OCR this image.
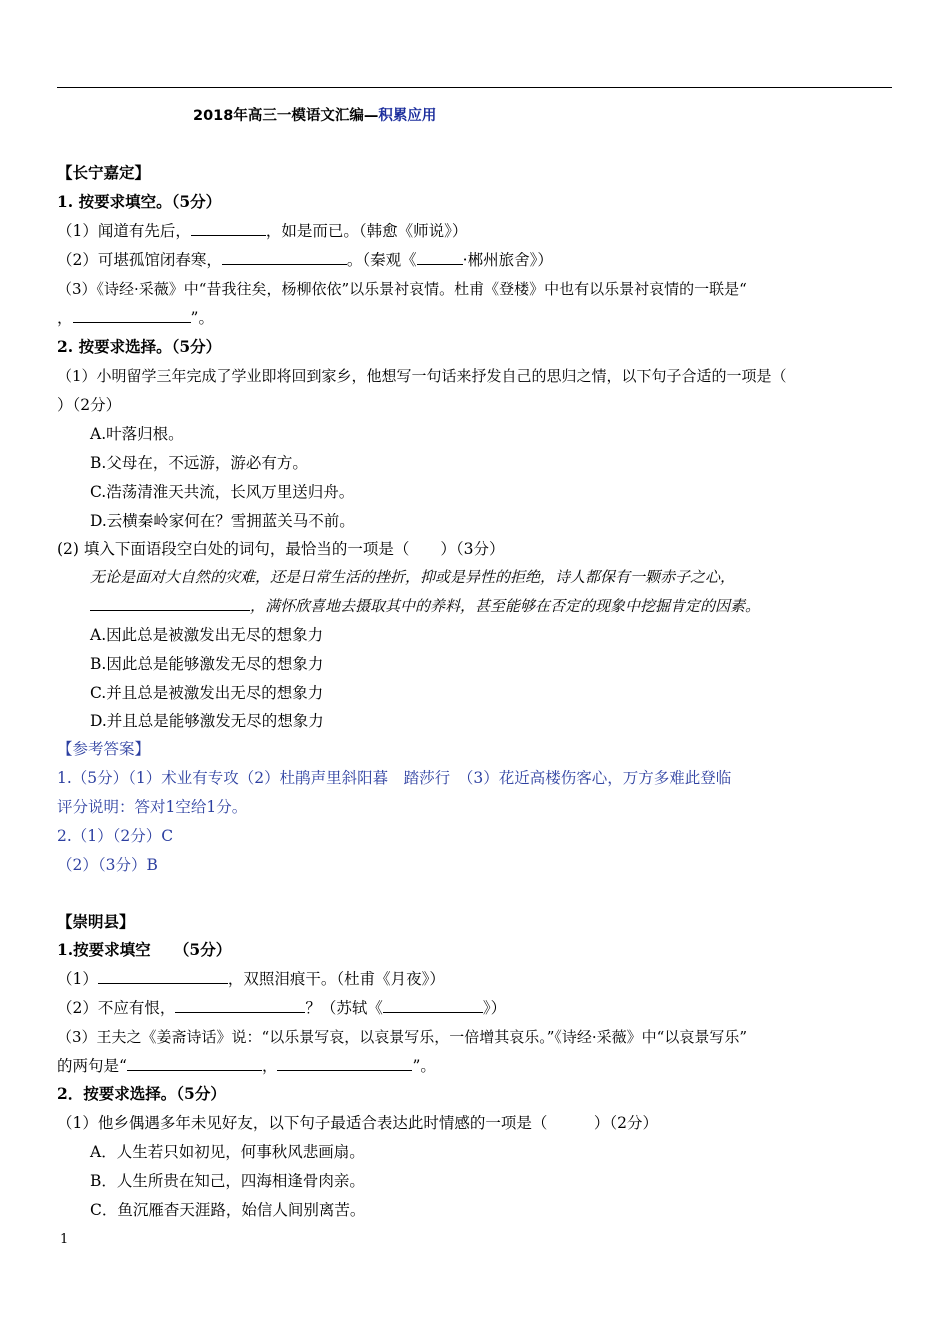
2018年高三一模语文汇编—积累应用
【长宁嘉定】
1. 按要求填空。（5分）
（1）闻道有先后，	，如是而已。（韩愈《师说》）
（2）可堪孤馆闭春寒，	。（秦观《	·郴州旅舍》）
（3）《诗经·采薇》中“昔我往矣，杨柳依依”以乐景衬哀情。杜甫《登楼》中也有以乐景衬哀情的一联是“
，	”。
2. 按要求选择。（5分）
（1）小明留学三年完成了学业即将回到家乡，他想写一句话来抒发自己的思归之情，以下句子合适的一项是（
）（2分）
A.叶落归根。
B.父母在，不远游，游必有方。
C.浩荡清淮天共流，长风万里送归舟。
D.云横秦岭家何在？雪拥蓝关马不前。
(2) 填入下面语段空白处的词句，最恰当的一项是（　　）（3分）
无论是面对大自然的灾难，还是日常生活的挫折，抑或是异性的拒绝，诗人都保有一颗赤子之心，
，满怀欣喜地去摄取其中的养料，甚至能够在否定的现象中挖掘肯定的因素。
A.因此总是被激发出无尽的想象力
B.因此总是能够激发无尽的想象力
C.并且总是被激发出无尽的想象力
D.并且总是能够激发无尽的想象力
【参考答案】
1.（5分）（1）术业有专攻（2）杜鹃声里斜阳暮　踏莎行　（3）花近高楼伤客心，万方多难此登临
评分说明：答对1空给1分。
2.（1）（2分）C
（2）（3分）B
【崇明县】
1.按要求填空　　（5分）
（1）	，双照泪痕干。（杜甫《月夜》）
（2）不应有恨，	？（苏轼《	》）
（3）王夫之《姜斋诗话》说：“以乐景写哀，以哀景写乐，一倍增其哀乐。”《诗经·采薇》中“以哀景写乐”
的两句是“	，	”。
2．按要求选择。（5分）
（1）他乡偶遇多年未见好友，以下句子最适合表达此时情感的一项是（　　　）（2分）
A．人生若只如初见，何事秋风悲画扇。
B．人生所贵在知己，四海相逢骨肉亲。
C．鱼沉雁杳天涯路，始信人间别离苦。
1
